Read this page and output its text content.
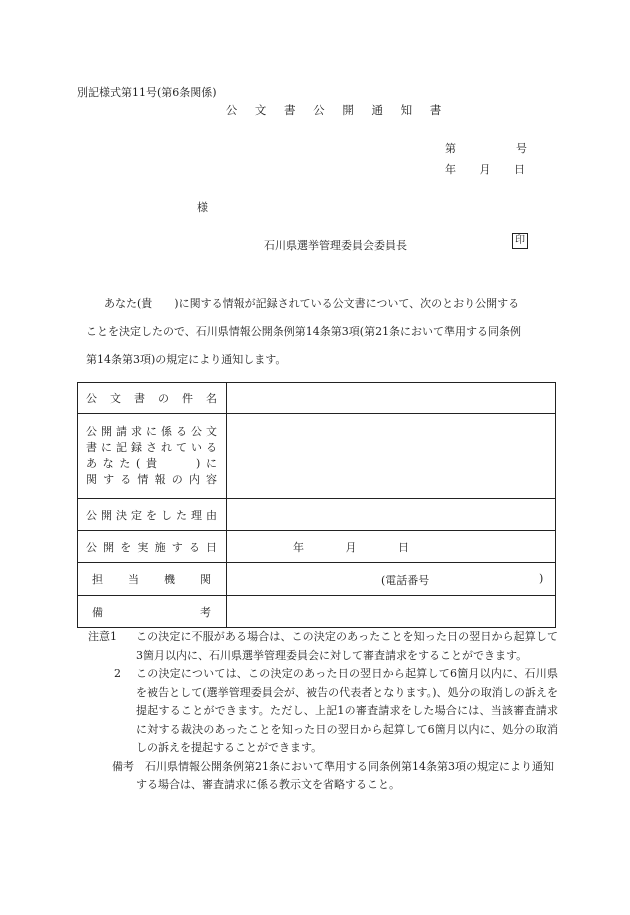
別記様式第11号(第6条関係)
公 文 書 公 開 通 知 書
第	号
年 月 日
様
石川県選挙管理委員会委員長	印
あなた(貴　　)に関する情報が記録されている公文書について、次のとおり公開する
ことを決定したので、石川県情報公開条例第14条第3項(第21条において準用する同条例
第14条第3項)の規定により通知します。
公文書の件名	

公開請求に係る公文
書に記録されている
あなた(貴　　)に
関する情報の内容	

公開決定をした理由	
公開を実施する日	年 月 日
担当機関	(電話番号 )

備考	
注意1 この決定に不服がある場合は、この決定のあったことを知った日の翌日から起算して3箇月以内に、石川県選挙管理委員会に対して審査請求をすることができます。
2 この決定については、この決定のあった日の翌日から起算して6箇月以内に、石川県を被告として(選挙管理委員会が、被告の代表者となります。)、処分の取消しの訴えを提起することができます。ただし、上記1の審査請求をした場合には、当該審査請求に対する裁決のあったことを知った日の翌日から起算して6箇月以内に、処分の取消しの訴えを提起することができます。
備考　 石川県情報公開条例第21条において準用する同条例第14条第3項の規定により通知する場合は、審査請求に係る教示文を省略すること。
